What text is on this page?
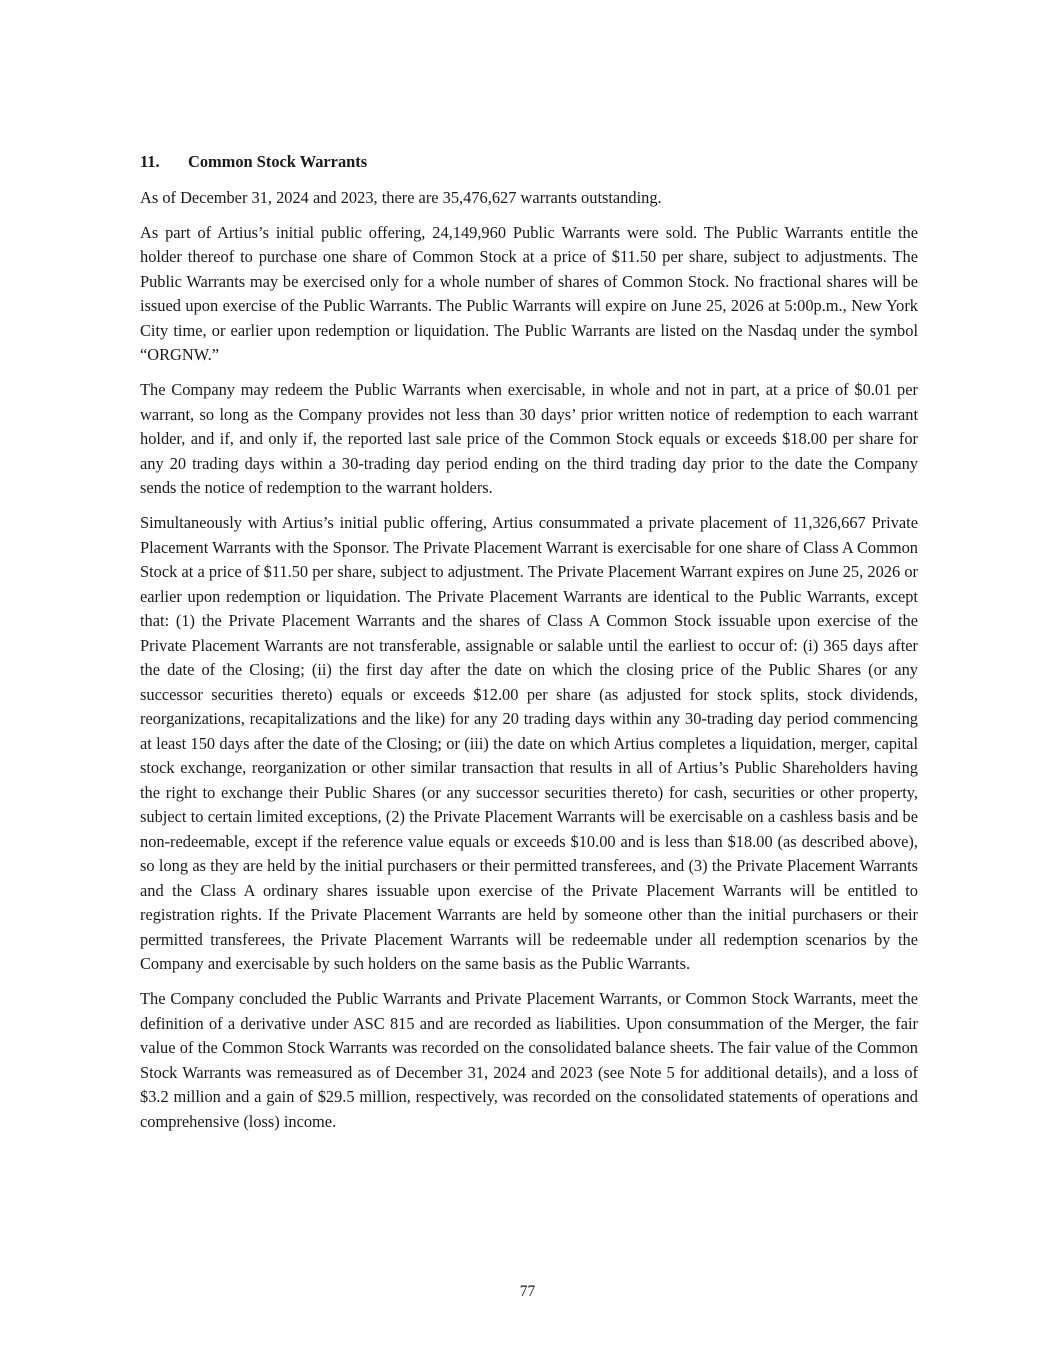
11.	Common Stock Warrants

As of December 31, 2024 and 2023, there are 35,476,627 warrants outstanding.

As part of Artius’s initial public offering, 24,149,960 Public Warrants were sold. The Public Warrants entitle the holder thereof to purchase one share of Common Stock at a price of $11.50 per share, subject to adjustments. The Public Warrants may be exercised only for a whole number of shares of Common Stock. No fractional shares will be issued upon exercise of the Public Warrants. The Public Warrants will expire on June 25, 2026 at 5:00p.m., New York City time, or earlier upon redemption or liquidation. The Public Warrants are listed on the Nasdaq under the symbol “ORGNW.”

The Company may redeem the Public Warrants when exercisable, in whole and not in part, at a price of $0.01 per warrant, so long as the Company provides not less than 30 days’ prior written notice of redemption to each warrant holder, and if, and only if, the reported last sale price of the Common Stock equals or exceeds $18.00 per share for any 20 trading days within a 30-trading day period ending on the third trading day prior to the date the Company sends the notice of redemption to the warrant holders.

Simultaneously with Artius’s initial public offering, Artius consummated a private placement of 11,326,667 Private Placement Warrants with the Sponsor. The Private Placement Warrant is exercisable for one share of Class A Common Stock at a price of $11.50 per share, subject to adjustment. The Private Placement Warrant expires on June 25, 2026 or earlier upon redemption or liquidation. The Private Placement Warrants are identical to the Public Warrants, except that: (1) the Private Placement Warrants and the shares of Class A Common Stock issuable upon exercise of the Private Placement Warrants are not transferable, assignable or salable until the earliest to occur of: (i) 365 days after the date of the Closing; (ii) the first day after the date on which the closing price of the Public Shares (or any successor securities thereto) equals or exceeds $12.00 per share (as adjusted for stock splits, stock dividends, reorganizations, recapitalizations and the like) for any 20 trading days within any 30-trading day period commencing at least 150 days after the date of the Closing; or (iii) the date on which Artius completes a liquidation, merger, capital stock exchange, reorganization or other similar transaction that results in all of Artius’s Public Shareholders having the right to exchange their Public Shares (or any successor securities thereto) for cash, securities or other property, subject to certain limited exceptions, (2) the Private Placement Warrants will be exercisable on a cashless basis and be non-redeemable, except if the reference value equals or exceeds $10.00 and is less than $18.00 (as described above), so long as they are held by the initial purchasers or their permitted transferees, and (3) the Private Placement Warrants and the Class A ordinary shares issuable upon exercise of the Private Placement Warrants will be entitled to registration rights. If the Private Placement Warrants are held by someone other than the initial purchasers or their permitted transferees, the Private Placement Warrants will be redeemable under all redemption scenarios by the Company and exercisable by such holders on the same basis as the Public Warrants.

The Company concluded the Public Warrants and Private Placement Warrants, or Common Stock Warrants, meet the definition of a derivative under ASC 815 and are recorded as liabilities. Upon consummation of the Merger, the fair value of the Common Stock Warrants was recorded on the consolidated balance sheets. The fair value of the Common Stock Warrants was remeasured as of December 31, 2024 and 2023 (see Note 5 for additional details), and a loss of $3.2 million and a gain of $29.5 million, respectively, was recorded on the consolidated statements of operations and comprehensive (loss) income.

77
